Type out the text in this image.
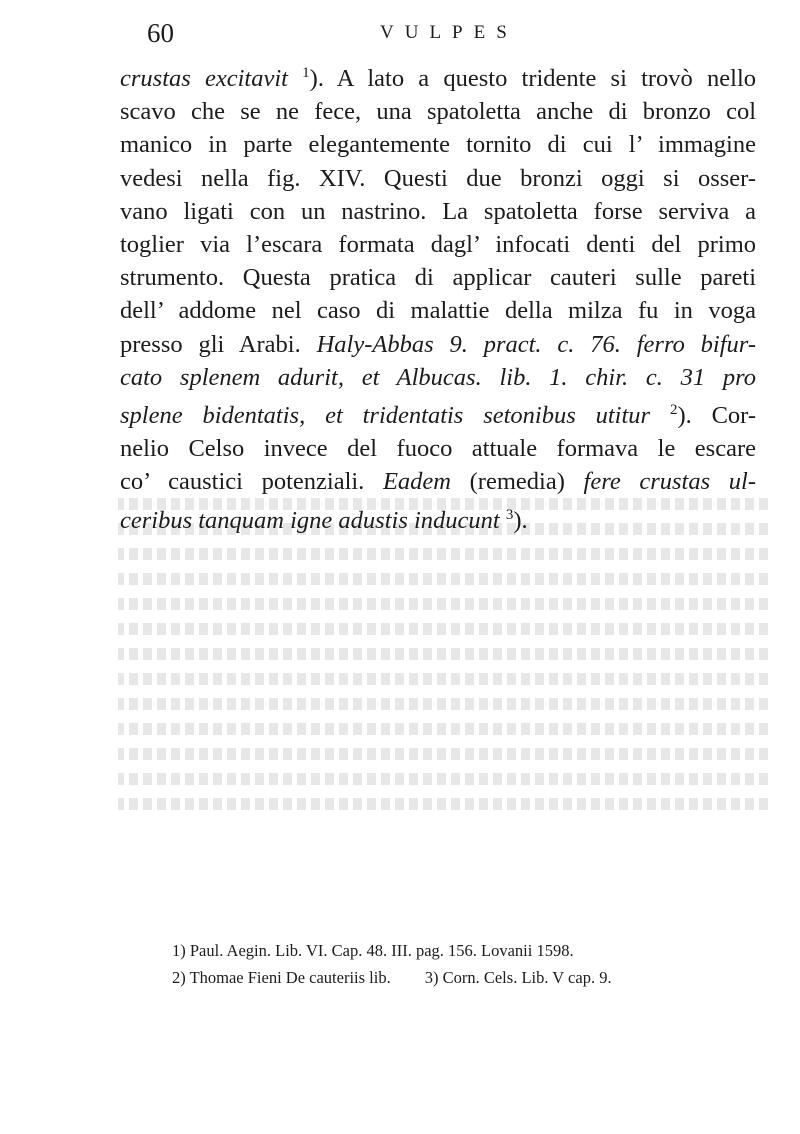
60	VULPES
crustas excitavit $^1$). A lato a questo tridente si trovò nello
scavo che se ne fece, una spatoletta anche di bronzo col
manico in parte elegantemente tornito di cui l’ immagine
vedesi nella fig. XIV. Questi due bronzi oggi si osser-
vano ligati con un nastrino. La spatoletta forse serviva a
toglier via l’escara formata dagl’ infocati denti del primo
strumento. Questa pratica di applicar cauteri sulle pareti
dell’ addome nel caso di malattie della milza fu in voga
presso gli Arabi. Haly-Abbas 9. pract. c. 76. ferro bifur-
cato splenem adurit, et Albucas. lib. 1. chir. c. 31 pro
splene bidentatis, et tridentatis setonibus utitur $^2$). Cor-
nelio Celso invece del fuoco attuale formava le escare
co’ caustici potenziali. Eadem (remedia) fere crustas ul-
ceribus tanquam igne adustis inducunt $^3$).
1) Paul. Aegin. Lib. VI. Cap. 48. III. pag. 156. Lovanii 1598.
2) Thomae Fieni De cauteriis lib. 3) Corn. Cels. Lib. V cap. 9.
